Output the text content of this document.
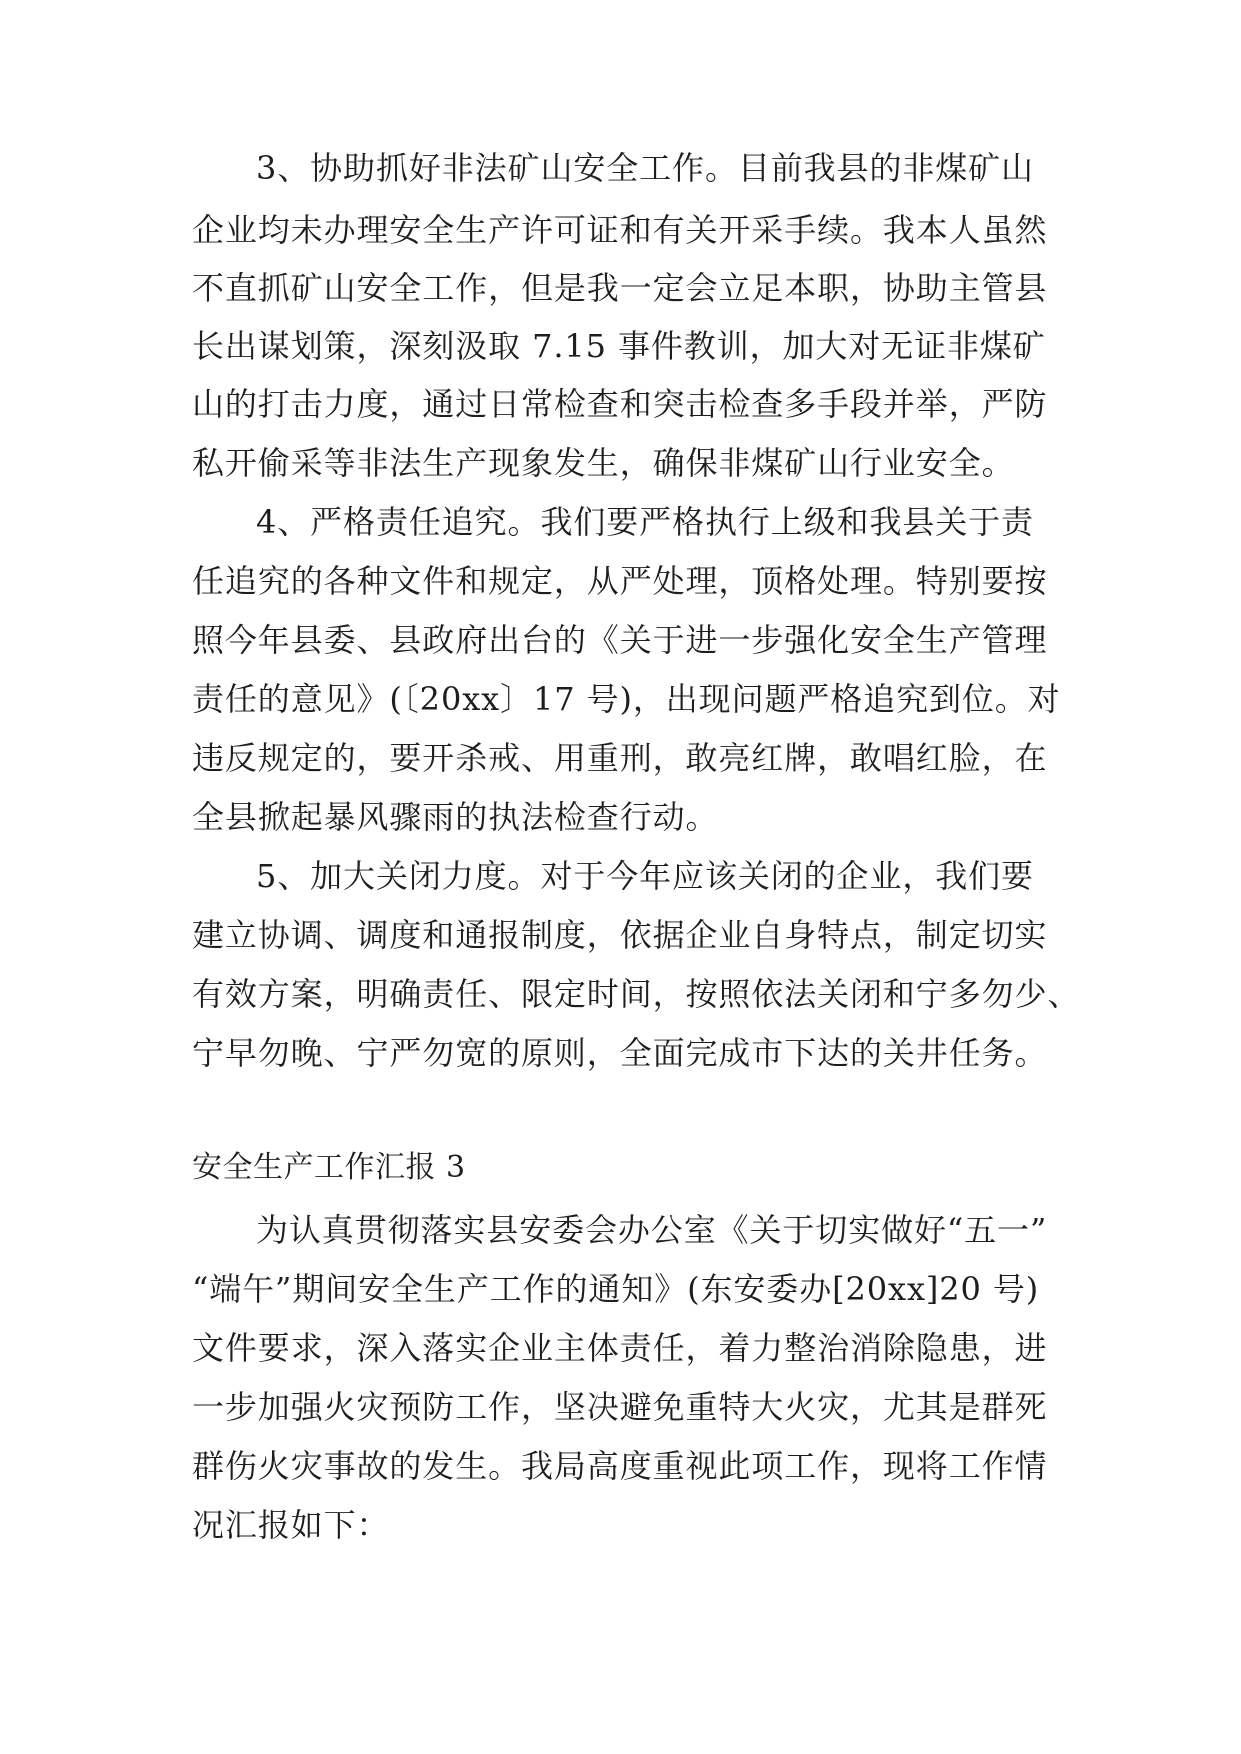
3、协助抓好非法矿山安全工作。目前我县的非煤矿山
企业均未办理安全生产许可证和有关开采手续。我本人虽然
不直抓矿山安全工作，但是我一定会立足本职，协助主管县
长出谋划策，深刻汲取 7.15 事件教训，加大对无证非煤矿
山的打击力度，通过日常检查和突击检查多手段并举，严防
私开偷采等非法生产现象发生，确保非煤矿山行业安全。
4、严格责任追究。我们要严格执行上级和我县关于责
任追究的各种文件和规定，从严处理，顶格处理。特别要按
照今年县委、县政府出台的《关于进一步强化安全生产管理
责任的意见》(〔20xx〕17 号)，出现问题严格追究到位。对
违反规定的，要开杀戒、用重刑，敢亮红牌，敢唱红脸，在
全县掀起暴风骤雨的执法检查行动。
5、加大关闭力度。对于今年应该关闭的企业，我们要
建立协调、调度和通报制度，依据企业自身特点，制定切实
有效方案，明确责任、限定时间，按照依法关闭和宁多勿少、
宁早勿晚、宁严勿宽的原则，全面完成市下达的关井任务。
安全生产工作汇报 3
为认真贯彻落实县安委会办公室《关于切实做好“五一”
“端午”期间安全生产工作的通知》(东安委办[20xx]20 号)
文件要求，深入落实企业主体责任，着力整治消除隐患，进
一步加强火灾预防工作，坚决避免重特大火灾，尤其是群死
群伤火灾事故的发生。我局高度重视此项工作，现将工作情
况汇报如下：
